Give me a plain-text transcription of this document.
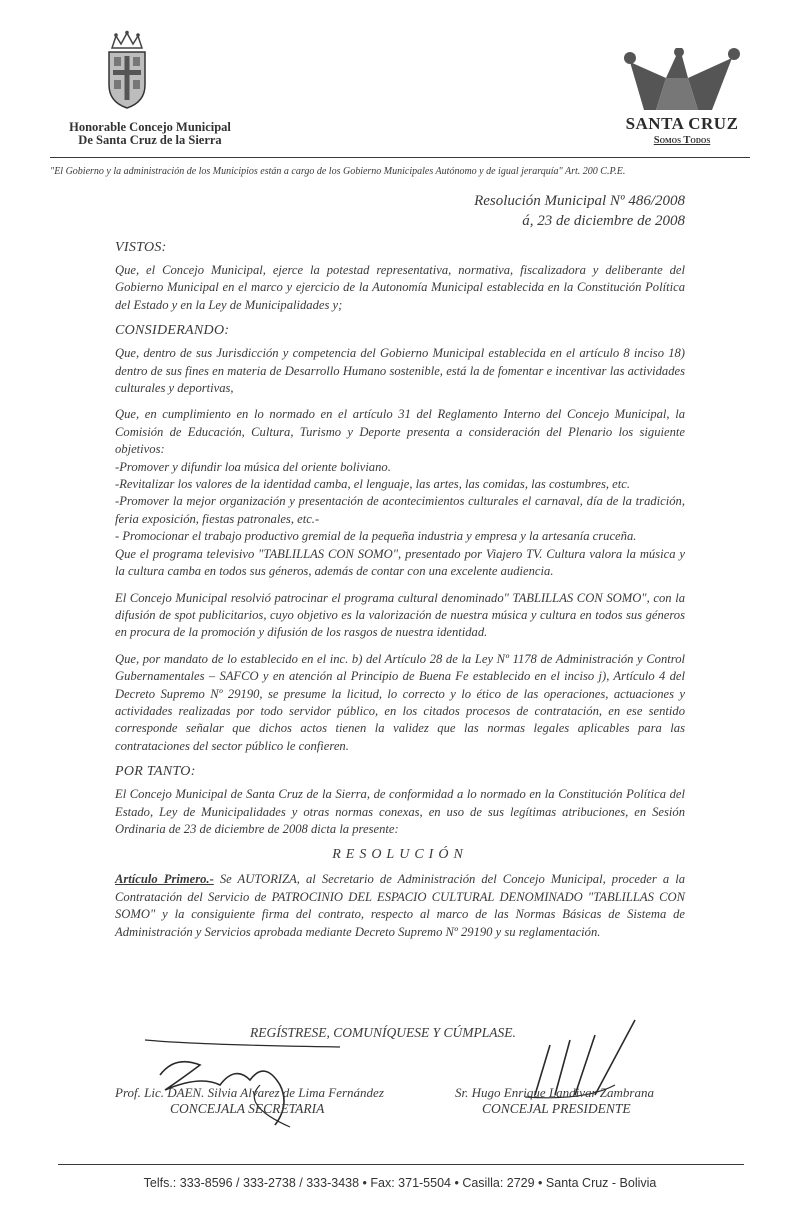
Honorable Concejo Municipal
De Santa Cruz de la Sierra
SANTA CRUZ
Somos Todos
"El Gobierno y la administración de los Municipios están a cargo de los Gobierno Municipales Autónomo y de igual jerarquía" Art. 200 C.P.E.
Resolución Municipal Nº 486/2008
á, 23 de diciembre de 2008
VISTOS:

Que, el Concejo Municipal, ejerce la potestad representativa, normativa, fiscalizadora y deliberante del Gobierno Municipal en el marco y ejercicio de la Autonomía Municipal establecida en la Constitución Política del Estado y en la Ley de Municipalidades y;

CONSIDERANDO:

Que, dentro de sus Jurisdicción y competencia del Gobierno Municipal establecida en el artículo 8 inciso 18) dentro de sus fines en materia de Desarrollo Humano sostenible, está la de fomentar e incentivar las actividades culturales y deportivas,

Que, en cumplimiento en lo normado en el artículo 31 del Reglamento Interno del Concejo Municipal, la Comisión de Educación, Cultura, Turismo y Deporte presenta a consideración del Plenario los siguiente objetivos:

-Promover y difundir loa música del oriente boliviano.

-Revitalizar los valores de la identidad camba, el lenguaje, las artes, las comidas, las costumbres, etc.

-Promover la mejor organización y presentación de acontecimientos culturales el carnaval, día de la tradición, feria exposición, fiestas patronales, etc.-

- Promocionar el trabajo productivo gremial de la pequeña industria y empresa y la artesanía cruceña.

Que el programa televisivo "TABLILLAS CON SOMO", presentado por Viajero TV. Cultura valora la música y la cultura camba en todos sus géneros, además de contar con una excelente audiencia.

El Concejo Municipal resolvió patrocinar el programa cultural denominado" TABLILLAS CON SOMO", con la difusión de spot publicitarios, cuyo objetivo es la valorización de nuestra música y cultura en todos sus géneros en procura de la promoción y difusión de los rasgos de nuestra identidad.

Que, por mandato de lo establecido en el inc. b) del Artículo 28 de la Ley Nº 1178 de Administración y Control Gubernamentales – SAFCO y en atención al Principio de Buena Fe establecido en el inciso j), Artículo 4 del Decreto Supremo Nº 29190, se presume la licitud, lo correcto y lo ético de las operaciones, actuaciones y actividades realizadas por todo servidor público, en los citados procesos de contratación, en ese sentido corresponde señalar que dichos actos tienen la validez que las normas legales aplicables para las contrataciones del sector público le confieren.

POR TANTO:

El Concejo Municipal de Santa Cruz de la Sierra, de conformidad a lo normado en la Constitución Política del Estado, Ley de Municipalidades y otras normas conexas, en uso de sus legítimas atribuciones, en Sesión Ordinaria de 23 de diciembre de 2008 dicta la presente:

RESOLUCIÓN

Artículo Primero.- Se AUTORIZA, al Secretario de Administración del Concejo Municipal, proceder a la Contratación del Servicio de PATROCINIO DEL ESPACIO CULTURAL DENOMINADO "TABLILLAS CON SOMO" y la consiguiente firma del contrato, respecto al marco de las Normas Básicas de Sistema de Administración y Servicios aprobada mediante Decreto Supremo Nº 29190 y su reglamentación.

REGÍSTRESE, COMUNÍQUESE Y CÚMPLASE.
Prof. Lic. DAEN. Silvia Alvarez de Lima Fernández
CONCEJALA SECRETARIA
Sr. Hugo Enrique Landivar Zambrana
CONCEJAL PRESIDENTE
Telfs.: 333-8596 / 333-2738 / 333-3438 • Fax: 371-5504 • Casilla: 2729 • Santa Cruz - Bolivia
